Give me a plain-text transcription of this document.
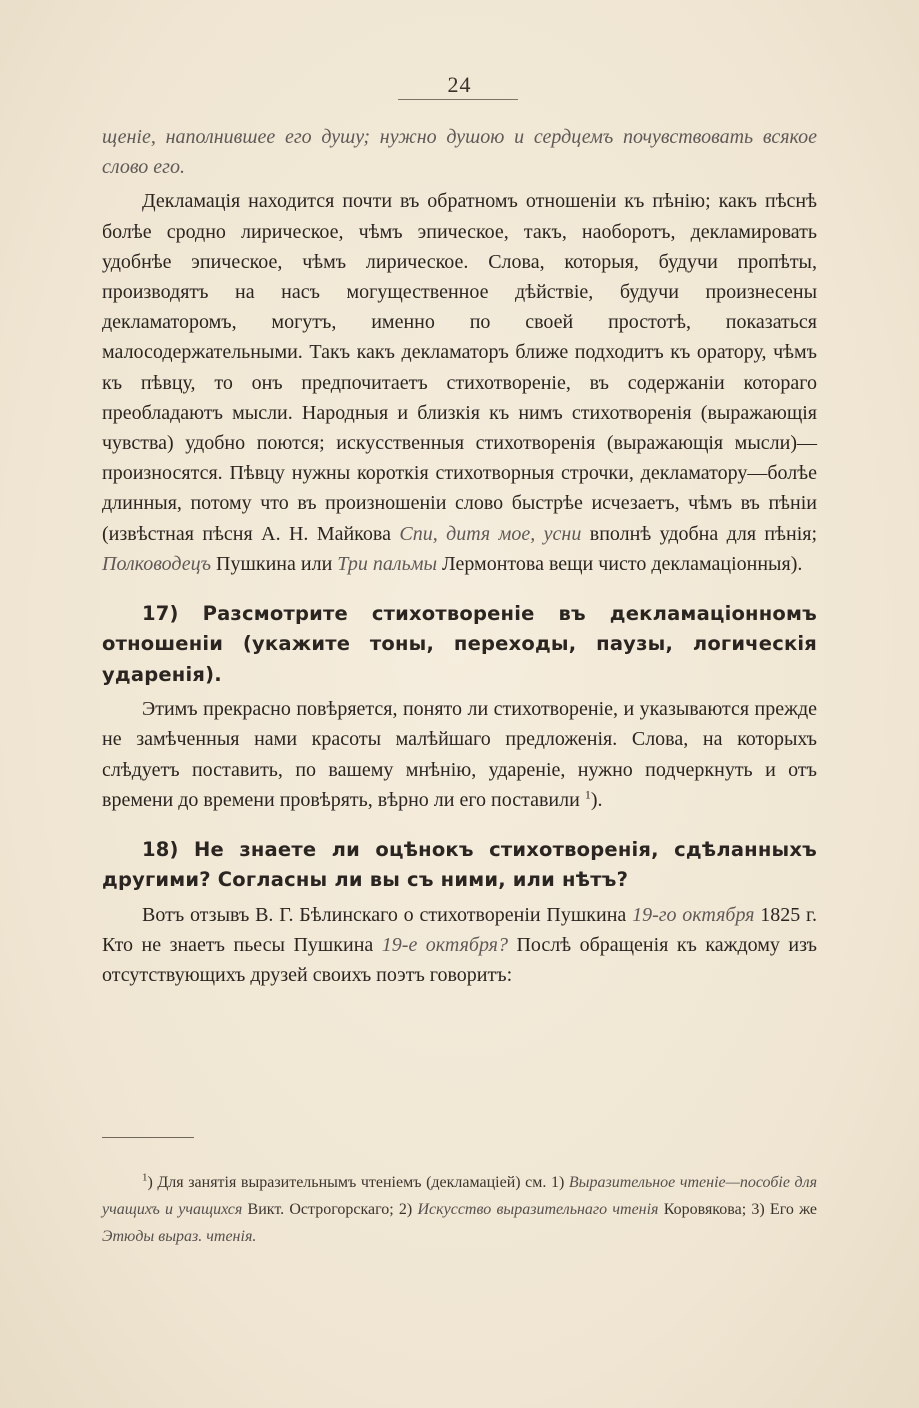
24

щенiе, наполнившее его душу; нужно душою и сердцемъ почувствовать всякое слово его.

Декламацiя находится почти въ обратномъ отношенiи къ пѣнiю; какъ пѣснѣ болѣе сродно лирическое, чѣмъ эпическое, такъ, наоборотъ, декламировать удобнѣе эпическое, чѣмъ лирическое. Слова, которыя, будучи пропѣты, производятъ на насъ могущественное дѣйствiе, будучи произнесены декламаторомъ, могутъ, именно по своей простотѣ, показаться малосодержательными. Такъ какъ декламаторъ ближе подходитъ къ оратору, чѣмъ къ пѣвцу, то онъ предпочитаетъ стихотворенiе, въ содержанiи котораго преобладаютъ мысли. Народныя и близкiя къ нимъ стихотворенiя (выражающiя чувства) удобно поются; искусственныя стихотворенiя (выражающiя мысли)—произносятся. Пѣвцу нужны короткiя стихотворныя строчки, декламатору—болѣе длинныя, потому что въ произношенiи слово быстрѣе исчезаетъ, чѣмъ въ пѣнiи (извѣстная пѣсня А. Н. Майкова Спи, дитя мое, усни вполнѣ удобна для пѣнiя; Полководецъ Пушкина или Три пальмы Лермонтова вещи чисто декламацiонныя).

17) Разсмотрите стихотворенiе въ декламацiонномъ отношенiи (укажите тоны, переходы, паузы, логическiя ударенiя).

Этимъ прекрасно повѣряется, понято ли стихотворенiе, и указываются прежде не замѣченныя нами красоты малѣйшаго предложенiя. Слова, на которыхъ слѣдуетъ поставить, по вашему мнѣнiю, ударенiе, нужно подчеркнуть и отъ времени до времени провѣрять, вѣрно ли его поставили $^1$).

18) Не знаете ли оцѣнокъ стихотворенiя, сдѣланныхъ другими? Согласны ли вы съ ними, или нѣтъ?

Вотъ отзывъ В. Г. Бѣлинскаго о стихотворенiи Пушкина 19-го октября 1825 г. Кто не знаетъ пьесы Пушкина 19-е октября? Послѣ обращенiя къ каждому изъ отсутствующихъ друзей своихъ поэтъ говоритъ:

$^1$) Для занятiя выразительнымъ чтенiемъ (декламацiей) см. 1) Выразительное чтенiе—пособiе для учащихъ и учащихся Викт. Острогорскаго; 2) Искусство выразительнаго чтенiя Коровякова; 3) Его же Этюды выраз. чтенiя.
